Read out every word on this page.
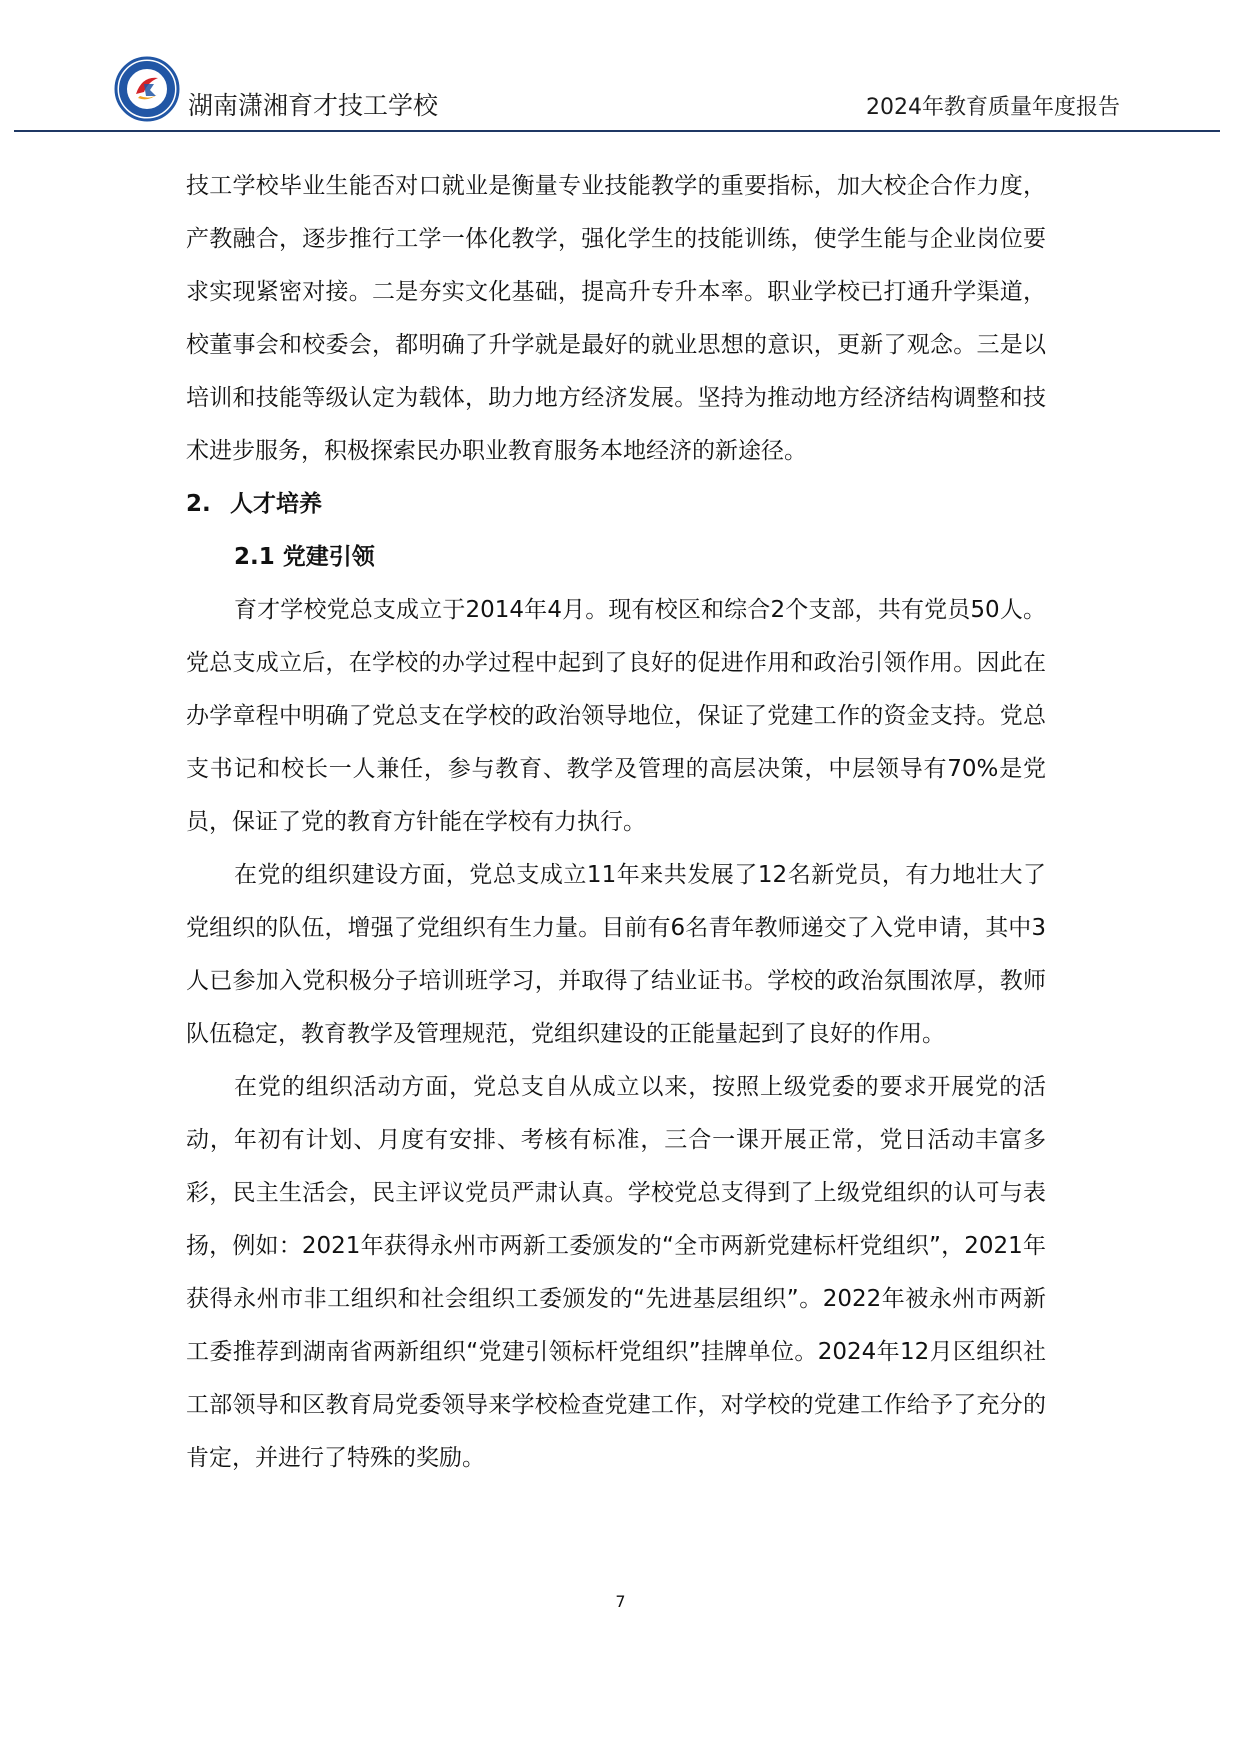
湖南潇湘育才技工学校	2024年教育质量年度报告

技工学校毕业生能否对口就业是衡量专业技能教学的重要指标，加大校企合作力度，产教融合，逐步推行工学一体化教学，强化学生的技能训练，使学生能与企业岗位要求实现紧密对接。二是夯实文化基础，提高升专升本率。职业学校已打通升学渠道，校董事会和校委会，都明确了升学就是最好的就业思想的意识，更新了观念。三是以培训和技能等级认定为载体，助力地方经济发展。坚持为推动地方经济结构调整和技术进步服务，积极探索民办职业教育服务本地经济的新途径。

2. 人才培养
2.1 党建引领

育才学校党总支成立于2014年4月。现有校区和综合2个支部，共有党员50人。党总支成立后，在学校的办学过程中起到了良好的促进作用和政治引领作用。因此在办学章程中明确了党总支在学校的政治领导地位，保证了党建工作的资金支持。党总支书记和校长一人兼任，参与教育、教学及管理的高层决策，中层领导有70%是党员，保证了党的教育方针能在学校有力执行。

在党的组织建设方面，党总支成立11年来共发展了12名新党员，有力地壮大了党组织的队伍，增强了党组织有生力量。目前有6名青年教师递交了入党申请，其中3人已参加入党积极分子培训班学习，并取得了结业证书。学校的政治氛围浓厚，教师队伍稳定，教育教学及管理规范，党组织建设的正能量起到了良好的作用。

在党的组织活动方面，党总支自从成立以来，按照上级党委的要求开展党的活动，年初有计划、月度有安排、考核有标准，三合一课开展正常，党日活动丰富多彩，民主生活会，民主评议党员严肃认真。学校党总支得到了上级党组织的认可与表扬，例如：2021年获得永州市两新工委颁发的“全市两新党建标杆党组织”，2021年获得永州市非工组织和社会组织工委颁发的“先进基层组织”。2022年被永州市两新工委推荐到湖南省两新组织“党建引领标杆党组织”挂牌单位。2024年12月区组织社工部领导和区教育局党委领导来学校检查党建工作，对学校的党建工作给予了充分的肯定，并进行了特殊的奖励。

7
